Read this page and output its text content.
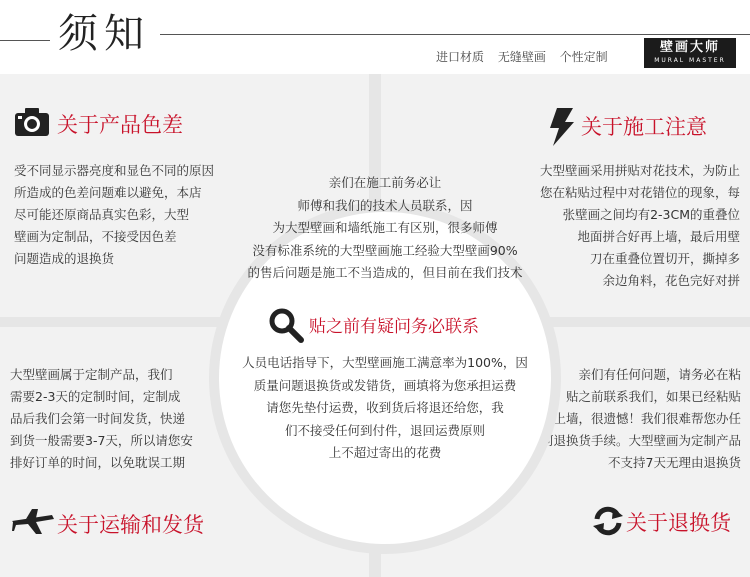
须知	进口材质 无缝壁画 个性定制
壁画大师
MURAL MASTER
关于产品色差
受不同显示器亮度和显色不同的原因
所造成的色差问题难以避免，本店
尽可能还原商品真实色彩，大型
壁画为定制品，不接受因色差
问题造成的退换货
关于施工注意
大型壁画采用拼贴对花技术，为防止
您在粘贴过程中对花错位的现象，每
张壁画之间均有2-3CM的重叠位
地面拼合好再上墙，最后用壁
刀在重叠位置切开，撕掉多
余边角料，花色完好对拼
大型壁画属于定制产品，我们
需要2-3天的定制时间，定制成
品后我们会第一时间发货，快递
到货一般需要3-7天，所以请您安
排好订单的时间，以免耽误工期
关于运输和发货
亲们有任何问题，请务必在粘
贴之前联系我们，如果已经粘贴
上墙，很遗憾！我们很难帮您办任
何退换货手续。大型壁画为定制产品
不支持7天无理由退换货
关于退换货
亲们在施工前务必让
师傅和我们的技术人员联系，因
为大型壁画和墙纸施工有区别，很多师傅
没有标准系统的大型壁画施工经验大型壁画90%
的售后问题是施工不当造成的，但目前在我们技术
贴之前有疑问务必联系
人员电话指导下，大型壁画施工满意率为100%，因
质量问题退换货或发错货，画填将为您承担运费
请您先垫付运费，收到货后将退还给您，我
们不接受任何到付件，退回运费原则
上不超过寄出的花费
